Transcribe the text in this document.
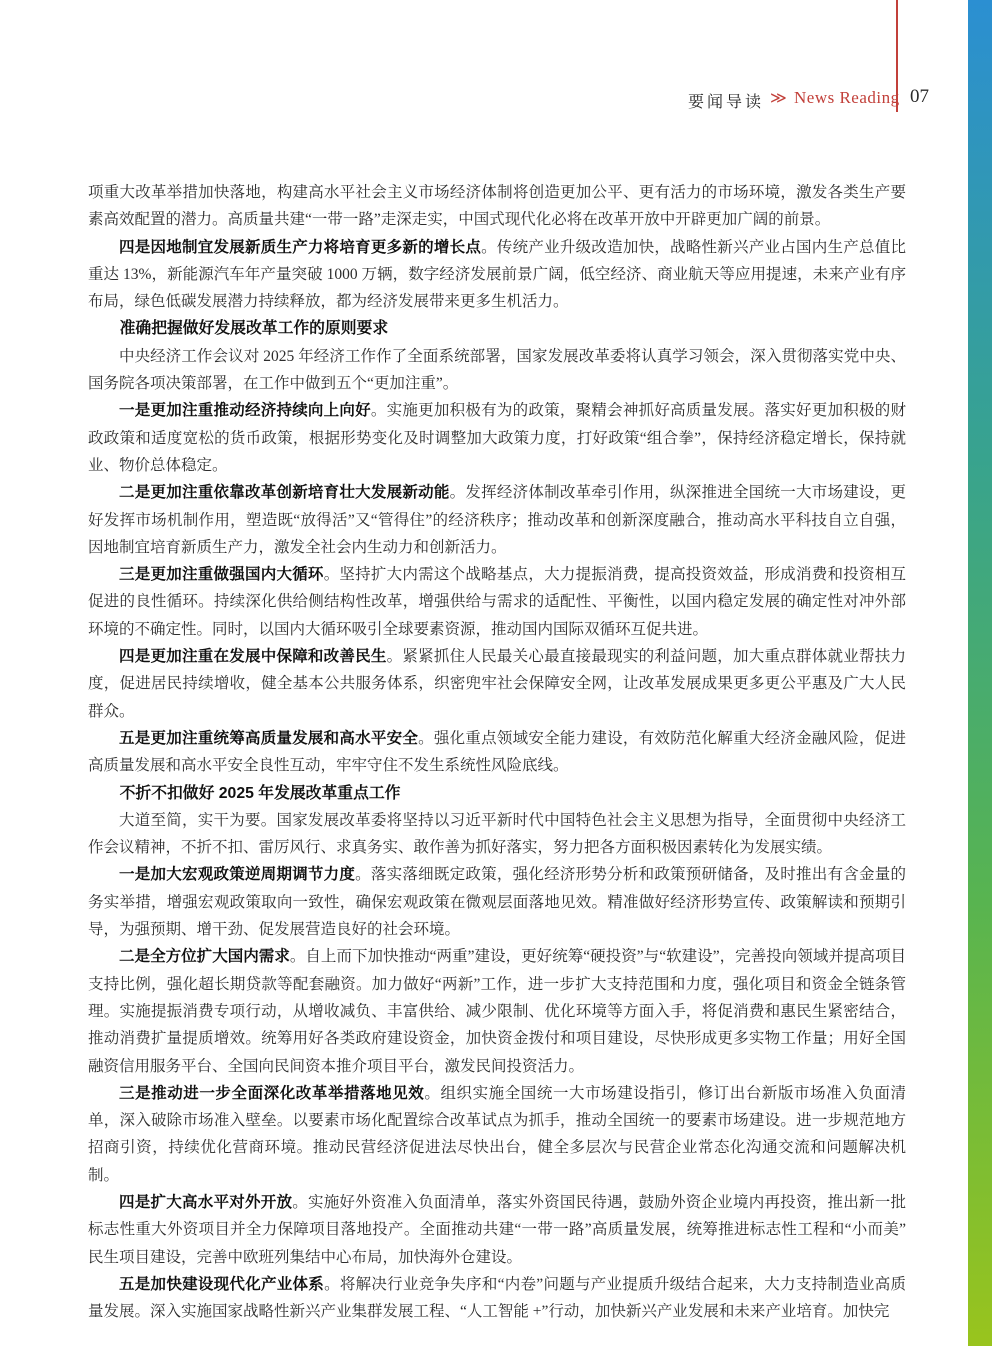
要闻导读 ≫ News Reading 07

项重大改革举措加快落地，构建高水平社会主义市场经济体制将创造更加公平、更有活力的市场环境，激发各类生产要素高效配置的潜力。高质量共建“一带一路”走深走实，中国式现代化必将在改革开放中开辟更加广阔的前景。

四是因地制宜发展新质生产力将培育更多新的增长点。传统产业升级改造加快，战略性新兴产业占国内生产总值比重达 13%，新能源汽车年产量突破 1000 万辆，数字经济发展前景广阔，低空经济、商业航天等应用提速，未来产业有序布局，绿色低碳发展潜力持续释放，都为经济发展带来更多生机活力。

准确把握做好发展改革工作的原则要求

中央经济工作会议对 2025 年经济工作作了全面系统部署，国家发展改革委将认真学习领会，深入贯彻落实党中央、国务院各项决策部署，在工作中做到五个“更加注重”。

一是更加注重推动经济持续向上向好。实施更加积极有为的政策，聚精会神抓好高质量发展。落实好更加积极的财政政策和适度宽松的货币政策，根据形势变化及时调整加大政策力度，打好政策“组合拳”，保持经济稳定增长，保持就业、物价总体稳定。

二是更加注重依靠改革创新培育壮大发展新动能。发挥经济体制改革牵引作用，纵深推进全国统一大市场建设，更好发挥市场机制作用，塑造既“放得活”又“管得住”的经济秩序；推动改革和创新深度融合，推动高水平科技自立自强，因地制宜培育新质生产力，激发全社会内生动力和创新活力。

三是更加注重做强国内大循环。坚持扩大内需这个战略基点，大力提振消费，提高投资效益，形成消费和投资相互促进的良性循环。持续深化供给侧结构性改革，增强供给与需求的适配性、平衡性，以国内稳定发展的确定性对冲外部环境的不确定性。同时，以国内大循环吸引全球要素资源，推动国内国际双循环互促共进。

四是更加注重在发展中保障和改善民生。紧紧抓住人民最关心最直接最现实的利益问题，加大重点群体就业帮扶力度，促进居民持续增收，健全基本公共服务体系，织密兜牢社会保障安全网，让改革发展成果更多更公平惠及广大人民群众。

五是更加注重统筹高质量发展和高水平安全。强化重点领域安全能力建设，有效防范化解重大经济金融风险，促进高质量发展和高水平安全良性互动，牢牢守住不发生系统性风险底线。

不折不扣做好 2025 年发展改革重点工作

大道至简，实干为要。国家发展改革委将坚持以习近平新时代中国特色社会主义思想为指导，全面贯彻中央经济工作会议精神，不折不扣、雷厉风行、求真务实、敢作善为抓好落实，努力把各方面积极因素转化为发展实绩。

一是加大宏观政策逆周期调节力度。落实落细既定政策，强化经济形势分析和政策预研储备，及时推出有含金量的务实举措，增强宏观政策取向一致性，确保宏观政策在微观层面落地见效。精准做好经济形势宣传、政策解读和预期引导，为强预期、增干劲、促发展营造良好的社会环境。

二是全方位扩大国内需求。自上而下加快推动“两重”建设，更好统筹“硬投资”与“软建设”，完善投向领域并提高项目支持比例，强化超长期贷款等配套融资。加力做好“两新”工作，进一步扩大支持范围和力度，强化项目和资金全链条管理。实施提振消费专项行动，从增收减负、丰富供给、减少限制、优化环境等方面入手，将促消费和惠民生紧密结合，推动消费扩量提质增效。统筹用好各类政府建设资金，加快资金拨付和项目建设，尽快形成更多实物工作量；用好全国融资信用服务平台、全国向民间资本推介项目平台，激发民间投资活力。

三是推动进一步全面深化改革举措落地见效。组织实施全国统一大市场建设指引，修订出台新版市场准入负面清单，深入破除市场准入壁垒。以要素市场化配置综合改革试点为抓手，推动全国统一的要素市场建设。进一步规范地方招商引资，持续优化营商环境。推动民营经济促进法尽快出台，健全多层次与民营企业常态化沟通交流和问题解决机制。

四是扩大高水平对外开放。实施好外资准入负面清单，落实外资国民待遇，鼓励外资企业境内再投资，推出新一批标志性重大外资项目并全力保障项目落地投产。全面推动共建“一带一路”高质量发展，统筹推进标志性工程和“小而美”民生项目建设，完善中欧班列集结中心布局，加快海外仓建设。

五是加快建设现代化产业体系。将解决行业竞争失序和“内卷”问题与产业提质升级结合起来，大力支持制造业高质量发展。深入实施国家战略性新兴产业集群发展工程、“人工智能 +”行动，加快新兴产业发展和未来产业培育。加快完
